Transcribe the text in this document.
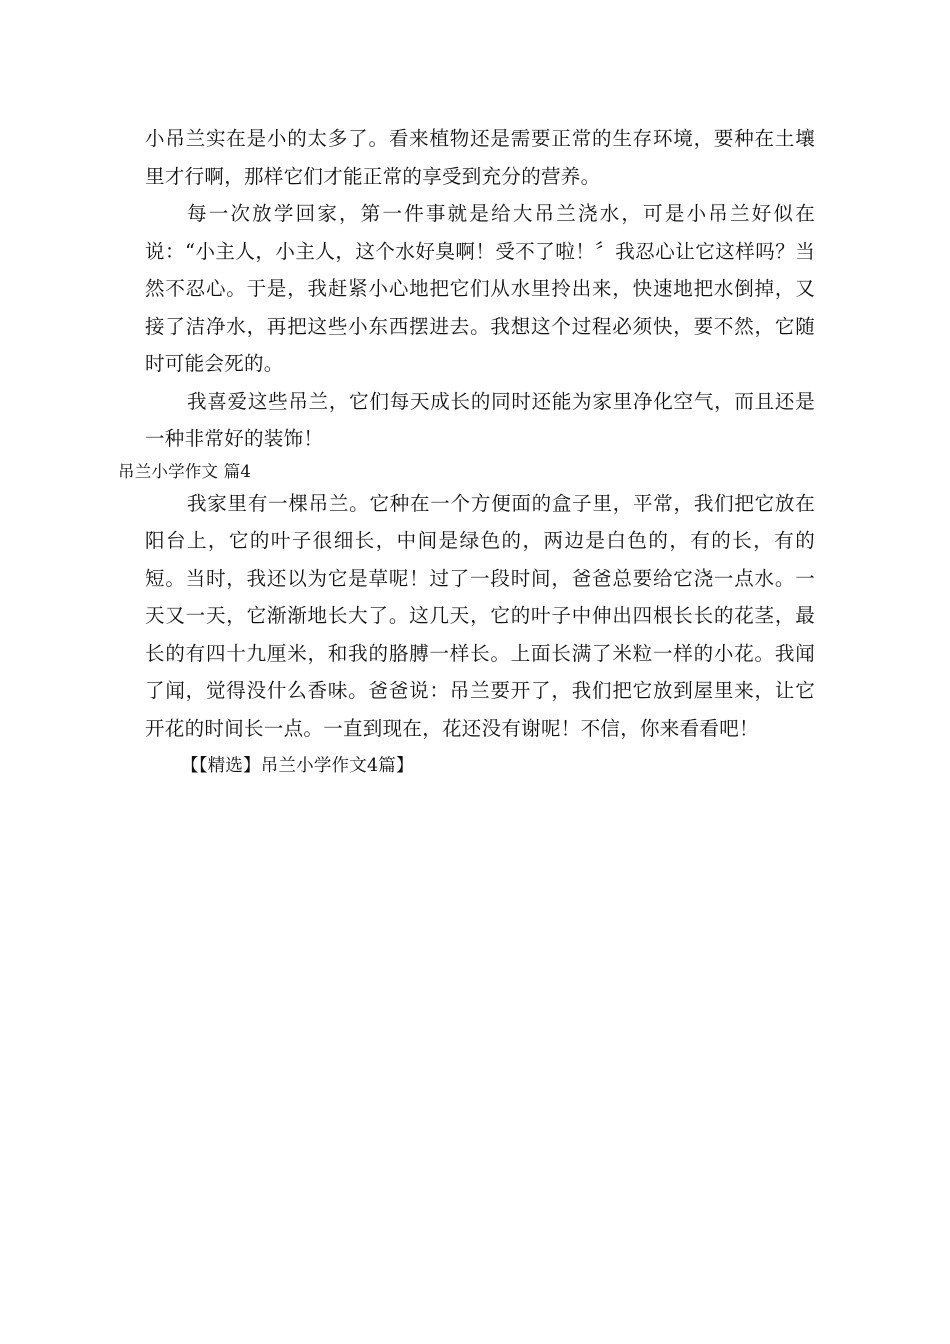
小吊兰实在是小的太多了。看来植物还是需要正常的生存环境，要种在土壤里才行啊，那样它们才能正常的享受到充分的营养。

每一次放学回家，第一件事就是给大吊兰浇水，可是小吊兰好似在说：“小主人，小主人，这个水好臭啊！受不了啦！〞我忍心让它这样吗？当然不忍心。于是，我赶紧小心地把它们从水里拎出来，快速地把水倒掉，又接了洁净水，再把这些小东西摆进去。我想这个过程必须快，要不然，它随时可能会死的。

我喜爱这些吊兰，它们每天成长的同时还能为家里净化空气，而且还是一种非常好的装饰！

吊兰小学作文 篇4

我家里有一棵吊兰。它种在一个方便面的盒子里，平常，我们把它放在阳台上，它的叶子很细长，中间是绿色的，两边是白色的，有的长，有的短。当时，我还以为它是草呢！过了一段时间，爸爸总要给它浇一点水。一天又一天，它渐渐地长大了。这几天，它的叶子中伸出四根长长的花茎，最长的有四十九厘米，和我的胳膊一样长。上面长满了米粒一样的小花。我闻了闻，觉得没什么香味。爸爸说：吊兰要开了，我们把它放到屋里来，让它开花的时间长一点。一直到现在，花还没有谢呢！不信，你来看看吧！

【【精选】吊兰小学作文4篇】
